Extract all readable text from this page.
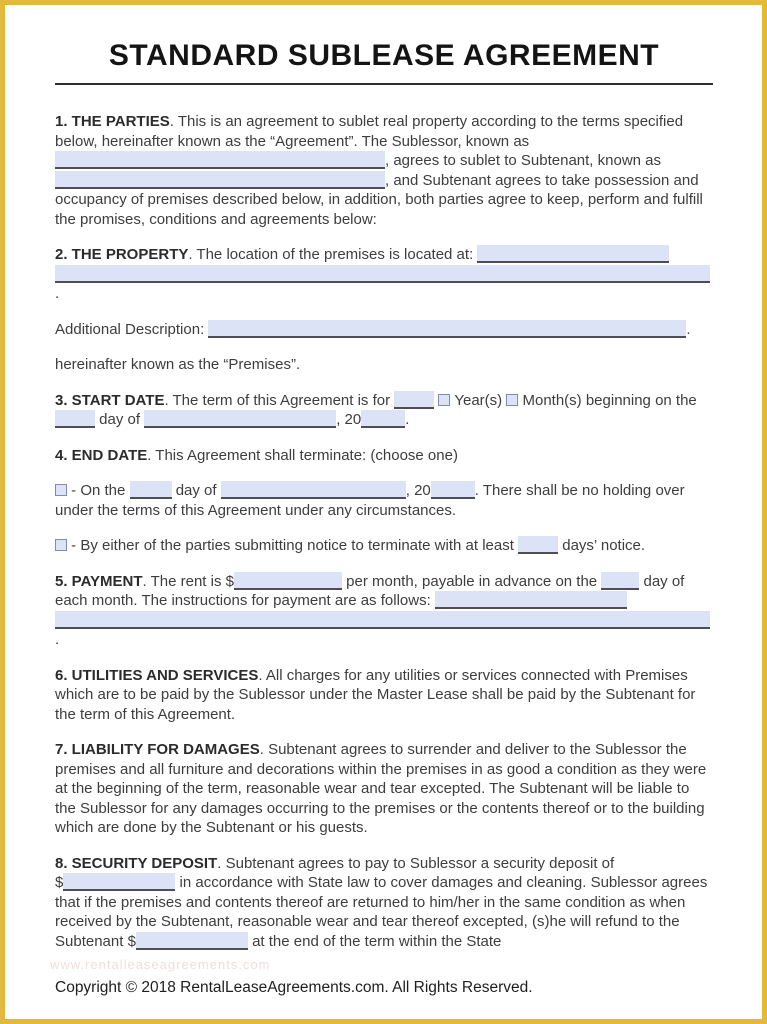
STANDARD SUBLEASE AGREEMENT

1. THE PARTIES. This is an agreement to sublet real property according to the terms specified below, hereinafter known as the “Agreement”. The Sublessor, known as , agrees to sublet to Subtenant, known as , and Subtenant agrees to take possession and occupancy of premises described below, in addition, both parties agree to keep, perform and fulfill the promises, conditions and agreements below:

2. THE PROPERTY. The location of the premises is located at: .

Additional Description:	.

hereinafter known as the “Premises”.

3. START DATE. The term of this Agreement is for	Year(s)  Month(s) beginning on the  day of	, 20	.

4. END DATE. This Agreement shall terminate: (choose one)

- On the	day of	, 20	. There shall be no holding over under the terms of this Agreement under any circumstances.

- By either of the parties submitting notice to terminate with at least	days’ notice.

5. PAYMENT. The rent is $	per month, payable in advance on the	day of each month. The instructions for payment are as follows: .

6. UTILITIES AND SERVICES. All charges for any utilities or services connected with Premises which are to be paid by the Sublessor under the Master Lease shall be paid by the Subtenant for the term of this Agreement.

7. LIABILITY FOR DAMAGES. Subtenant agrees to surrender and deliver to the Sublessor the premises and all furniture and decorations within the premises in as good a condition as they were at the beginning of the term, reasonable wear and tear excepted. The Subtenant will be liable to the Sublessor for any damages occurring to the premises or the contents thereof or to the building which are done by the Subtenant or his guests.

8. SECURITY DEPOSIT. Subtenant agrees to pay to Sublessor a security deposit of $	in accordance with State law to cover damages and cleaning. Sublessor agrees that if the premises and contents thereof are returned to him/her in the same condition as when received by the Subtenant, reasonable wear and tear thereof excepted, (s)he will refund to the Subtenant $	at the end of the term within the State

www.rentalleaseagreements.com
Copyright © 2018 RentalLeaseAgreements.com. All Rights Reserved.
